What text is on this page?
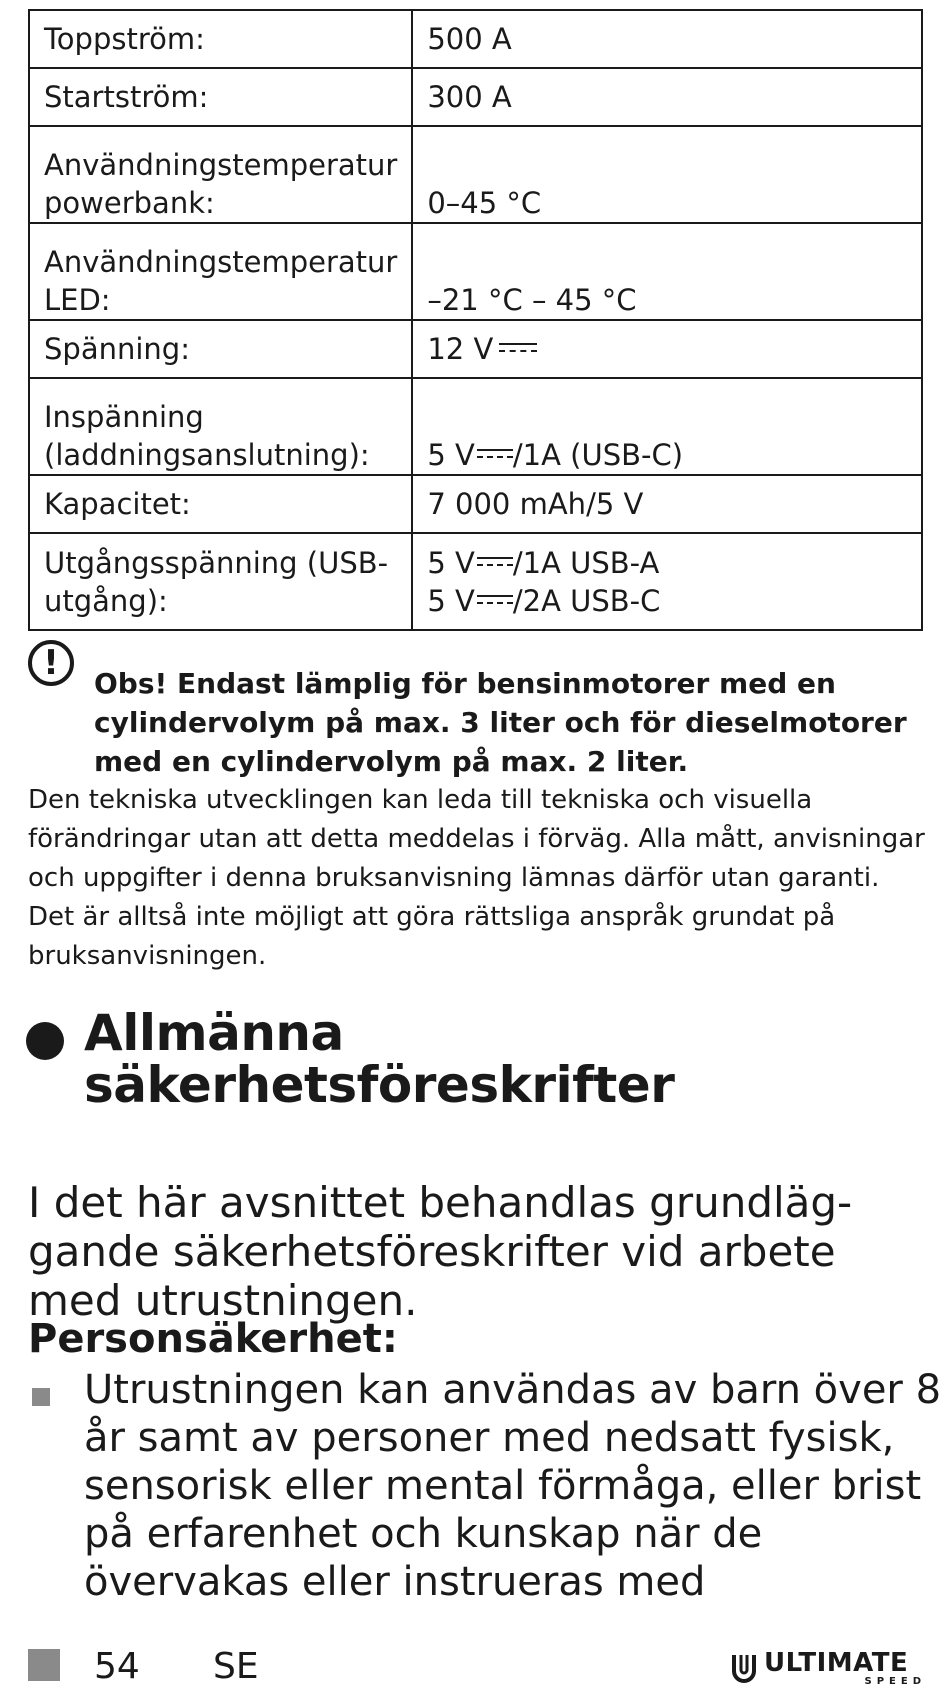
Toppström:	500 A
Startström:	300 A
Användningstemperatur powerbank:	0–45 °C
Användningstemperatur LED:	–21 °C – 45 °C
Spänning:	12 V
Inspänning (laddningsanslutning):	5 V /1A (USB-C)
Kapacitet:	7 000 mAh/5 V
Utgångsspänning (USB-utgång):	5 V /1A USB-A
5 V /2A USB-C
!

Obs! Endast lämplig för bensinmotorer med en cylindervolym på max. 3 liter och för dieselmotorer med en cylindervolym på max. 2 liter.

Den tekniska utvecklingen kan leda till tekniska och visuella förändringar utan att detta meddelas i förväg. Alla mått, anvisningar och uppgifter i denna bruksanvisning lämnas därför utan garanti. Det är alltså inte möjligt att göra rättsliga anspråk grundat på bruksanvisningen.

Allmänna
säkerhetsföreskrifter

I det här avsnittet behandlas grundläg- gande säkerhetsföreskrifter vid arbete med utrustningen.

Personsäkerhet:

Utrustningen kan användas av barn över 8 år samt av personer med nedsatt fysisk, sensorisk eller mental förmåga, eller brist på erfarenhet och kunskap när de övervakas eller instrueras med

54 SE	ULTIMATE
SPEED
